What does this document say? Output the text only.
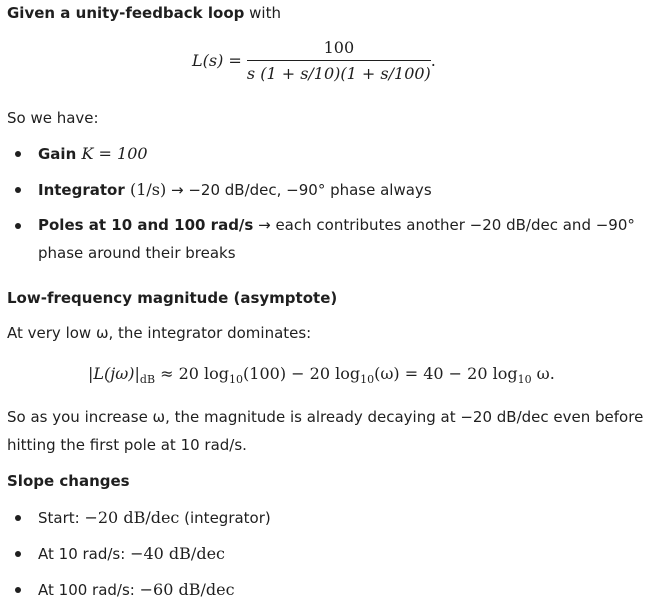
Given a unity-feedback loop with
$L(s) = \frac{100}{s (1 + s/10)(1 + s/100)}$ .
So we have:
Gain K = 100
Integrator (1/s) → −20 dB/dec, −90° phase always
Poles at 10 and 100 rad/s → each contributes another −20 dB/dec and −90°
phase around their breaks
Low-frequency magnitude (asymptote)
At very low ω, the integrator dominates:
$|L(j\omega)|_{dB} \approx 20$ $\log_{10}(100) - 20$ $\log_{10}(\omega) = 40 - 20$ $\log_{10} \omega$.
So as you increase ω, the magnitude is already decaying at −20 dB/dec even before
hitting the first pole at 10 rad/s.
Slope changes
Start: −20 dB/dec (integrator)
At 10 rad/s: −40 dB/dec
At 100 rad/s: −60 dB/dec
